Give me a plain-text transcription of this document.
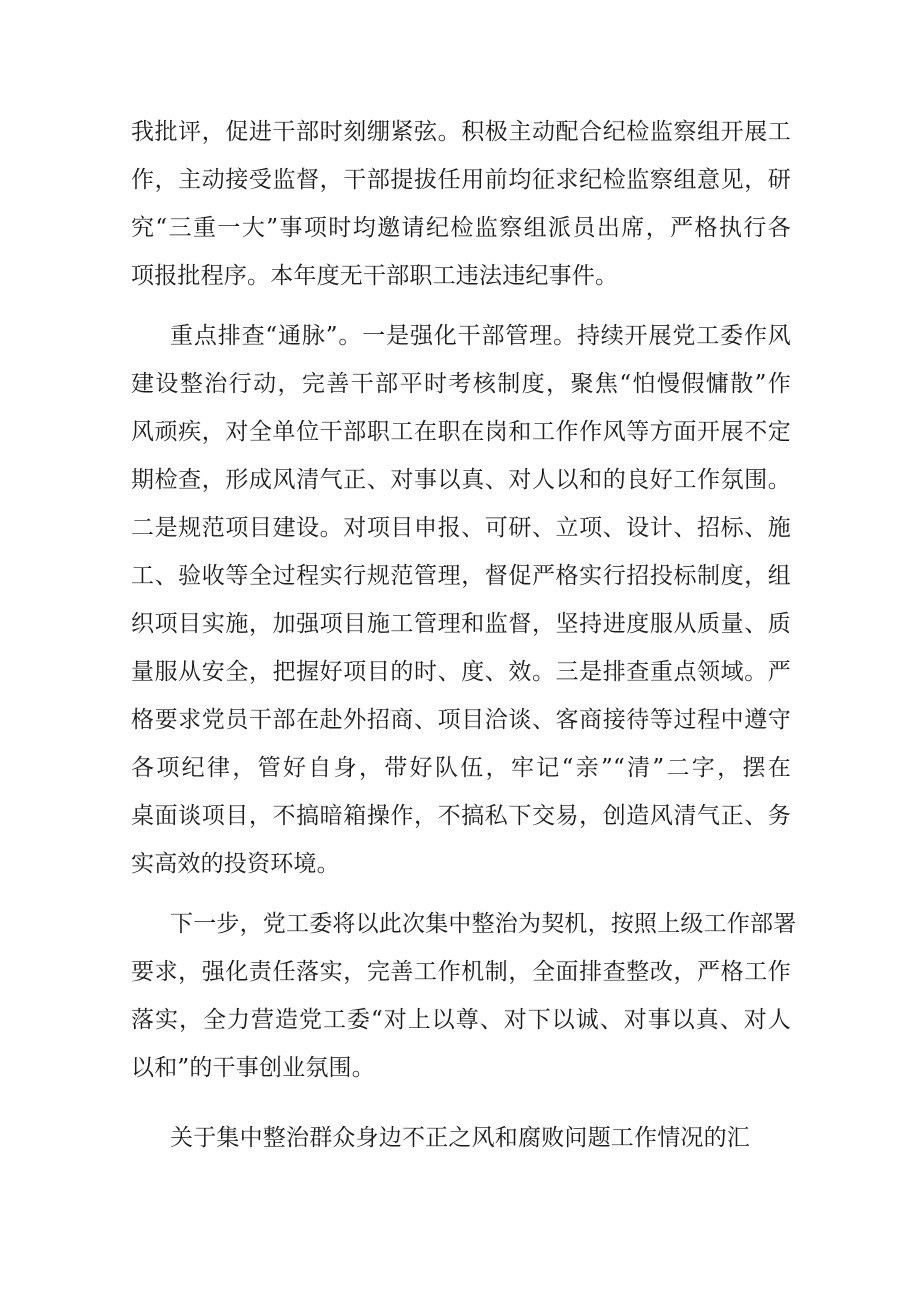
我批评，促进干部时刻绷紧弦。积极主动配合纪检监察组开展工
作，主动接受监督，干部提拔任用前均征求纪检监察组意见，研
究“三重一大”事项时均邀请纪检监察组派员出席，严格执行各
项报批程序。本年度无干部职工违法违纪事件。
重点排查“通脉”。一是强化干部管理。持续开展党工委作风
建设整治行动，完善干部平时考核制度，聚焦“怕慢假慵散”作
风顽疾，对全单位干部职工在职在岗和工作作风等方面开展不定
期检查，形成风清气正、对事以真、对人以和的良好工作氛围。
二是规范项目建设。对项目申报、可研、立项、设计、招标、施
工、验收等全过程实行规范管理，督促严格实行招投标制度，组
织项目实施，加强项目施工管理和监督，坚持进度服从质量、质
量服从安全，把握好项目的时、度、效。三是排查重点领域。严
格要求党员干部在赴外招商、项目洽谈、客商接待等过程中遵守
各项纪律，管好自身，带好队伍，牢记“亲”“清”二字，摆在
桌面谈项目，不搞暗箱操作，不搞私下交易，创造风清气正、务
实高效的投资环境。
下一步，党工委将以此次集中整治为契机，按照上级工作部署
要求，强化责任落实，完善工作机制，全面排查整改，严格工作
落实，全力营造党工委“对上以尊、对下以诚、对事以真、对人
以和”的干事创业氛围。
关于集中整治群众身边不正之风和腐败问题工作情况的汇
